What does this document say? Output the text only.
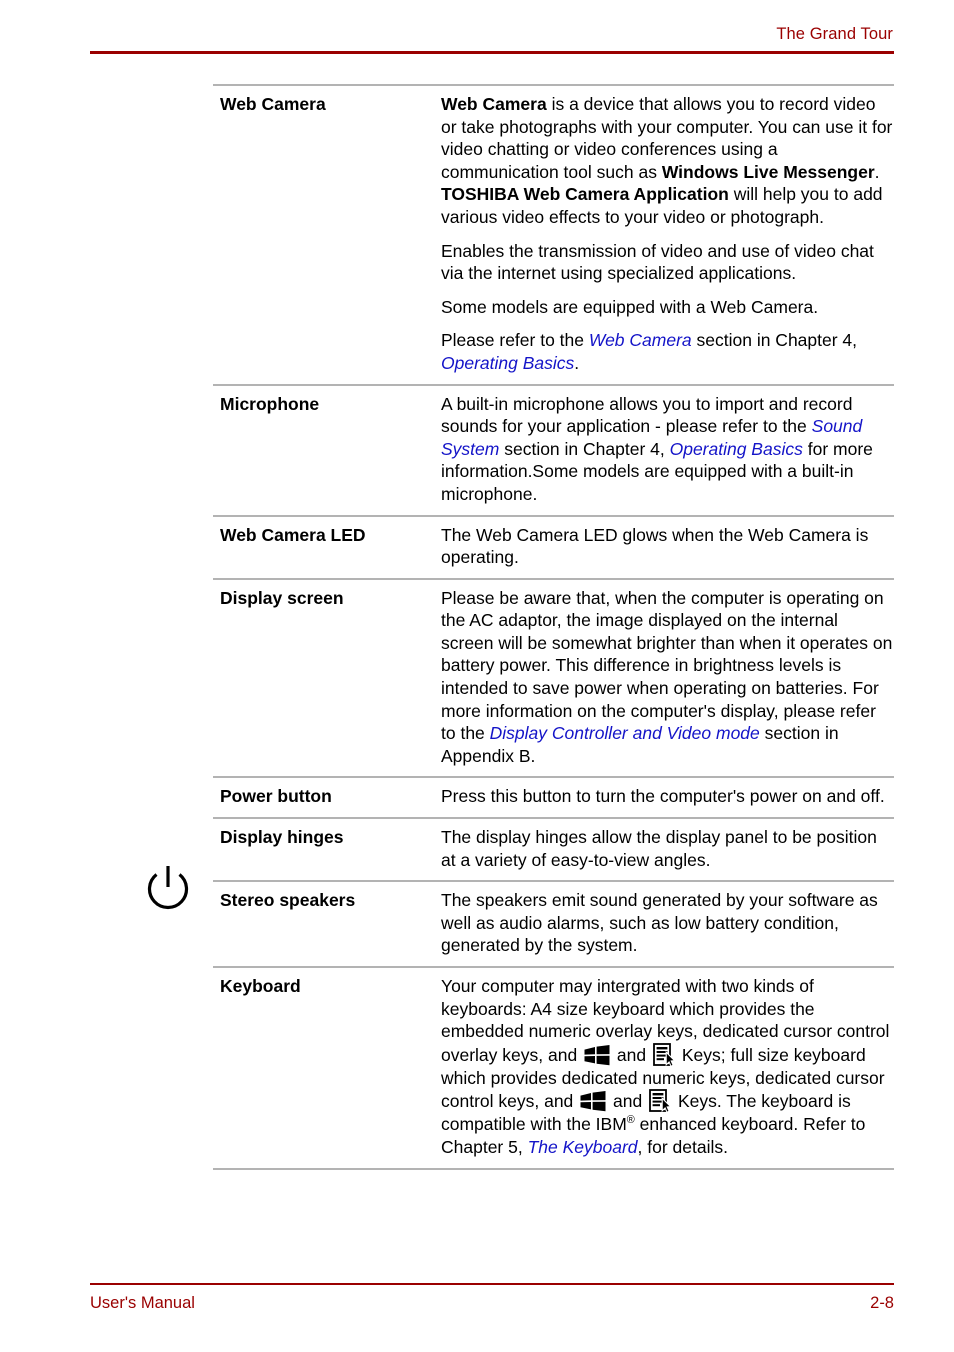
The Grand Tour
Web Camera	Web Camera is a device that allows you to record video or take photographs with your computer. You can use it for video chatting or video conferences using a communication tool such as Windows Live Messenger. TOSHIBA Web Camera Application will help you to add various video effects to your video or photograph.

Enables the transmission of video and use of video chat via the internet using specialized applications.

Some models are equipped with a Web Camera.

Please refer to the Web Camera section in Chapter 4, Operating Basics.

Microphone	A built-in microphone allows you to import and record sounds for your application - please refer to the Sound System section in Chapter 4, Operating Basics for more information.Some models are equipped with a built-in microphone.

Web Camera LED	The Web Camera LED glows when the Web Camera is operating.

Display screen	Please be aware that, when the computer is operating on the AC adaptor, the image displayed on the internal screen will be somewhat brighter than when it operates on battery power. This difference in brightness levels is intended to save power when operating on batteries. For more information on the computer's display, please refer to the Display Controller and Video mode section in Appendix B.

Power button	Press this button to turn the computer's power on and off.

Display hinges	The display hinges allow the display panel to be position at a variety of easy-to-view angles.

Stereo speakers	The speakers emit sound generated by your software as well as audio alarms, such as low battery condition, generated by the system.

Keyboard	Your computer may intergrated with two kinds of keyboards: A4 size keyboard which provides the embedded numeric overlay keys, dedicated cursor control overlay keys, and  and  Keys; full size keyboard which provides dedicated numeric keys, dedicated cursor control keys, and  and  Keys. The keyboard is compatible with the IBM® enhanced keyboard. Refer to Chapter 5, The Keyboard, for details.

User's Manual	2-8
